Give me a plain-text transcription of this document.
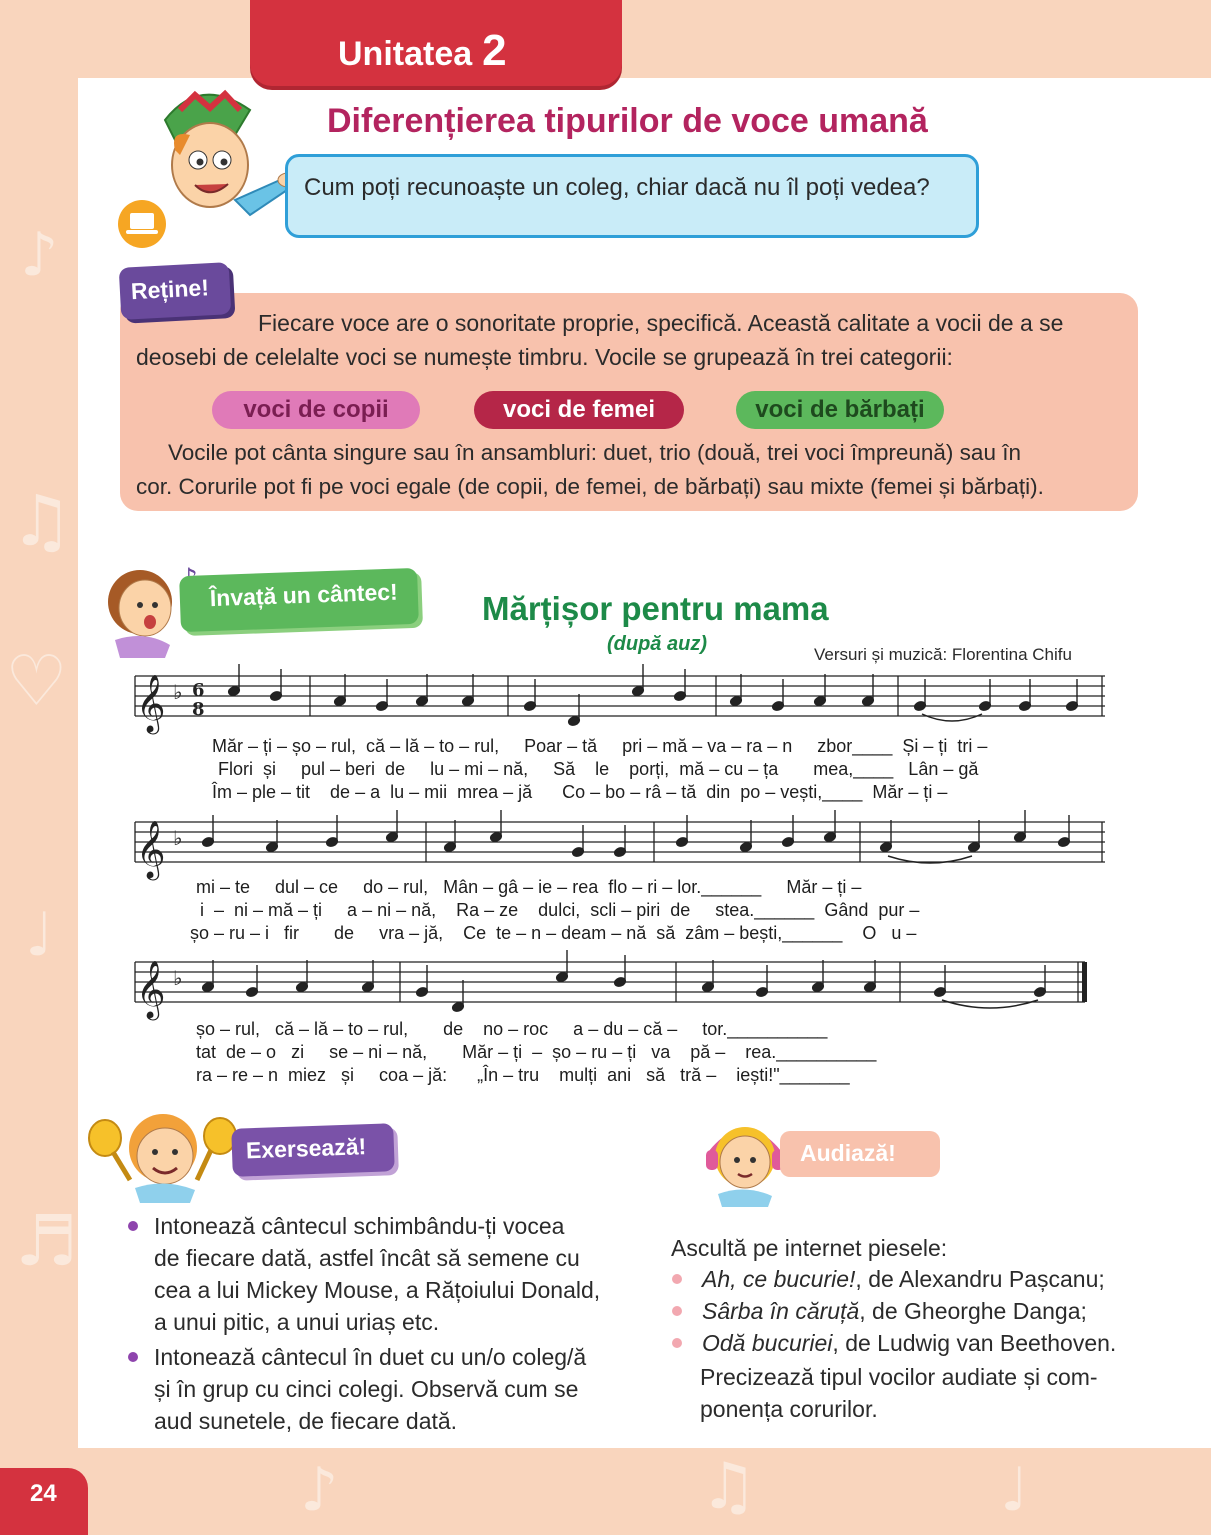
♪
♫
♡
♩
♬
♪	♫	♩
Unitatea 2
Diferențierea tipurilor de voce umană
Cum poți recunoaște un coleg, chiar dacă nu îl poți vedea?
Reține!
Fiecare voce are o sonoritate proprie, specifică. Această calitate a vocii de a se
deosebi de celelalte voci se numește timbru. Vocile se grupează în trei categorii:
voci de copii	voci de femei	voci de bărbați
Vocile pot cânta singure sau în ansambluri: duet, trio (două, trei voci împreună) sau în
cor. Corurile pot fi pe voci egale (de copii, de femei, de bărbați) sau mixte (femei și bărbați).
Învață un cântec!	Mărțișor pentru mama
(după auz)	Versuri și muzică: Florentina Chifu
𝄞 ♭ 6
8
Măr – ți – șo – rul,  că – lă – to – rul,     Poar – tă     pri – mă – va – ra – n     zbor____  Și – ți  tri –
Flori  și     pul – beri  de     lu – mi – nă,     Să    le    porți,  mă – cu – ța       mea,____   Lân – gă
Îm – ple – tit    de – a  lu – mii  mrea – jă      Co – bo – râ – tă  din  po – vești,____  Măr – ți –
𝄞 ♭
mi – te     dul – ce     do – rul,   Mân – gâ – ie – rea  flo – ri – lor.______     Măr – ți –
i  –  ni – mă – ți     a – ni – nă,    Ra – ze    dulci,  scli – piri  de     stea.______  Gând  pur –
șo – ru – i   fir       de     vra – jă,    Ce  te – n – deam – nă  să  zâm – bești,______    O   u –
𝄞 ♭
șo – rul,   că – lă – to – rul,       de    no – roc     a – du – că –     tor.__________
tat  de – o   zi     se – ni – nă,       Măr – ți  –  șo – ru – ți   va    pă –    rea.__________
ra – re – n  miez   și     coa – jă:      „În – tru    mulți  ani   să   tră –    iești!"_______
Exersează!
Intonează cântecul schimbându-ți vocea
de fiecare dată, astfel încât să semene cu
cea a lui Mickey Mouse, a Rățoiului Donald,
a unui pitic, a unui uriaș etc.
Intonează cântecul în duet cu un/o coleg/ă
și în grup cu cinci colegi. Observă cum se
aud sunetele, de fiecare dată.
Audiază!
Ascultă pe internet piesele:
Ah, ce bucurie!, de Alexandru Pașcanu;
Sârba în căruță, de Gheorghe Danga;
Odă bucuriei, de Ludwig van Beethoven.
Precizează tipul vocilor audiate și com-
ponența corurilor.
24
